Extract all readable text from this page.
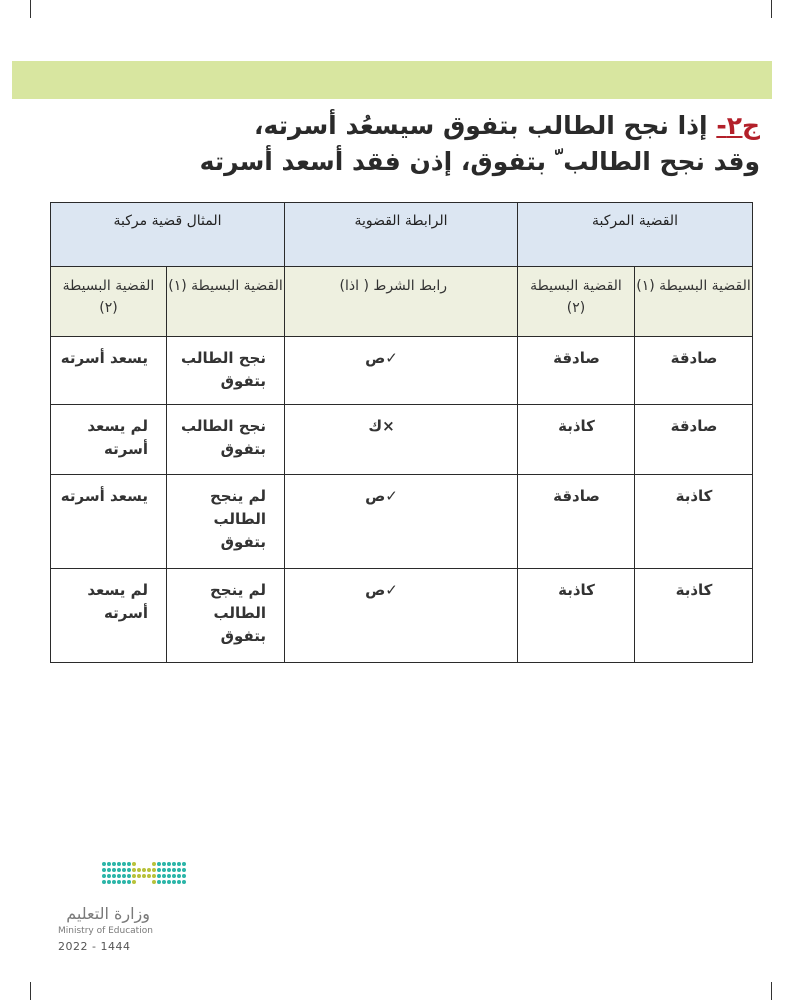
ج٢- إذا نجح الطالب بتفوق سيسعُد أسرته،
وقد نجح الطالب ّ بتفوق، إذن فقد أسعد أسرته
القضية المركبة		الرابطة القضوية	المثال قضية مركبة	
القضية البسيطة (١)	القضية البسيطة (٢)	رابط الشرط ( اذا)	القضية البسيطة (١)	القضية البسيطة (٢)
صادقة	صادقة	✓ص	نجح الطالب بتفوق	يسعد أسرته
صادقة	كاذبة	×ك	نجح الطالب بتفوق	لم يسعد أسرته
كاذبة	صادقة	✓ص	لم ينجح الطالب بتفوق	يسعد أسرته
كاذبة	كاذبة	✓ص	لم ينجح الطالب بتفوق	لم يسعد أسرته
وزارة التعليم
Ministry of Education
2022 - 1444
